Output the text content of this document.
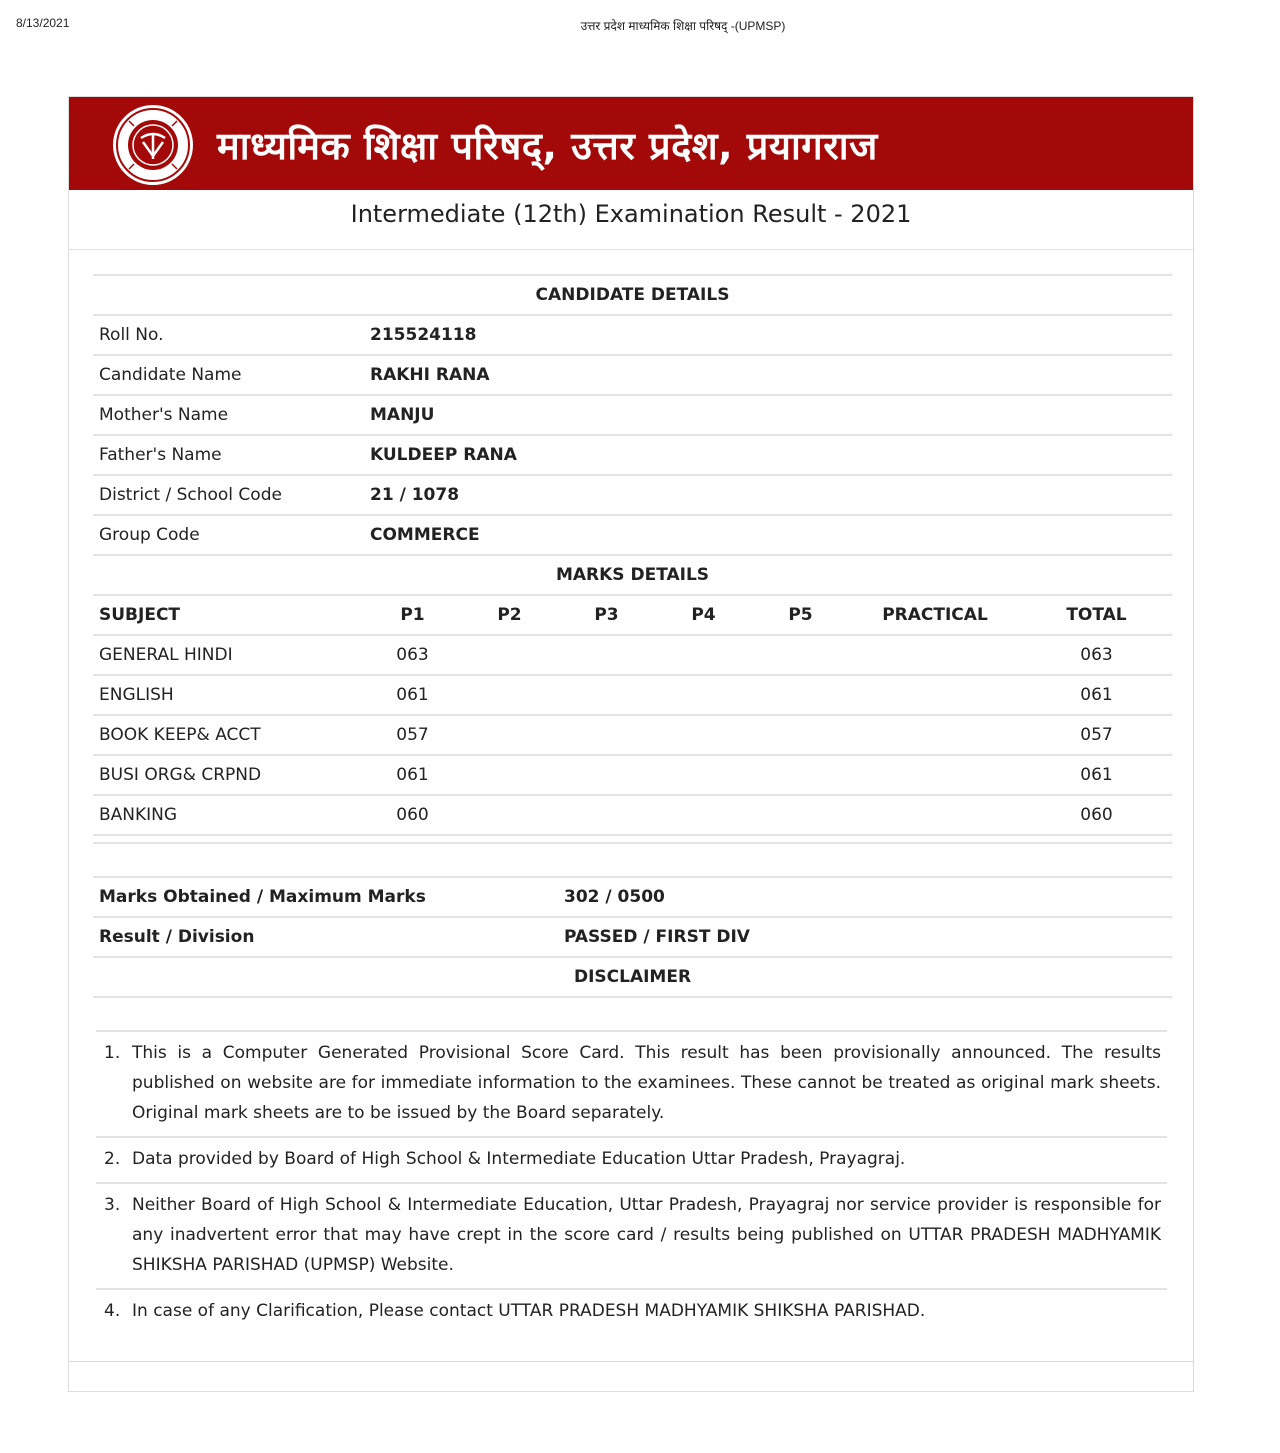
8/13/2021	उत्तर प्रदेश माध्यमिक शिक्षा परिषद् -(UPMSP)
माध्यमिक शिक्षा परिषद्, उत्तर प्रदेश, प्रयागराज
Intermediate (12th) Examination Result - 2021
CANDIDATE DETAILS	
Roll No.	215524118
Candidate Name	RAKHI RANA
Mother's Name	MANJU
Father's Name	KULDEEP RANA
District / School Code	21 / 1078
Group Code	COMMERCE
MARKS DETAILS							
SUBJECT	P1	P2	P3	P4	P5	PRACTICAL	TOTAL
GENERAL HINDI	063						063
ENGLISH	061						061
BOOK KEEP& ACCT	057						057
BUSI ORG& CRPND	061						061
BANKING	060						060

Marks Obtained / Maximum Marks	302 / 0500
Result / Division	PASSED / FIRST DIV
DISCLAIMER	
1. This is a Computer Generated Provisional Score Card. This result has been provisionally announced. The results published on website are for immediate information to the examinees. These cannot be treated as original mark sheets. Original mark sheets are to be issued by the Board separately.
2. Data provided by Board of High School & Intermediate Education Uttar Pradesh, Prayagraj.
3. Neither Board of High School & Intermediate Education, Uttar Pradesh, Prayagraj nor service provider is responsible for any inadvertent error that may have crept in the score card / results being published on UTTAR PRADESH MADHYAMIK SHIKSHA PARISHAD (UPMSP) Website.
4. In case of any Clarification, Please contact UTTAR PRADESH MADHYAMIK SHIKSHA PARISHAD.
